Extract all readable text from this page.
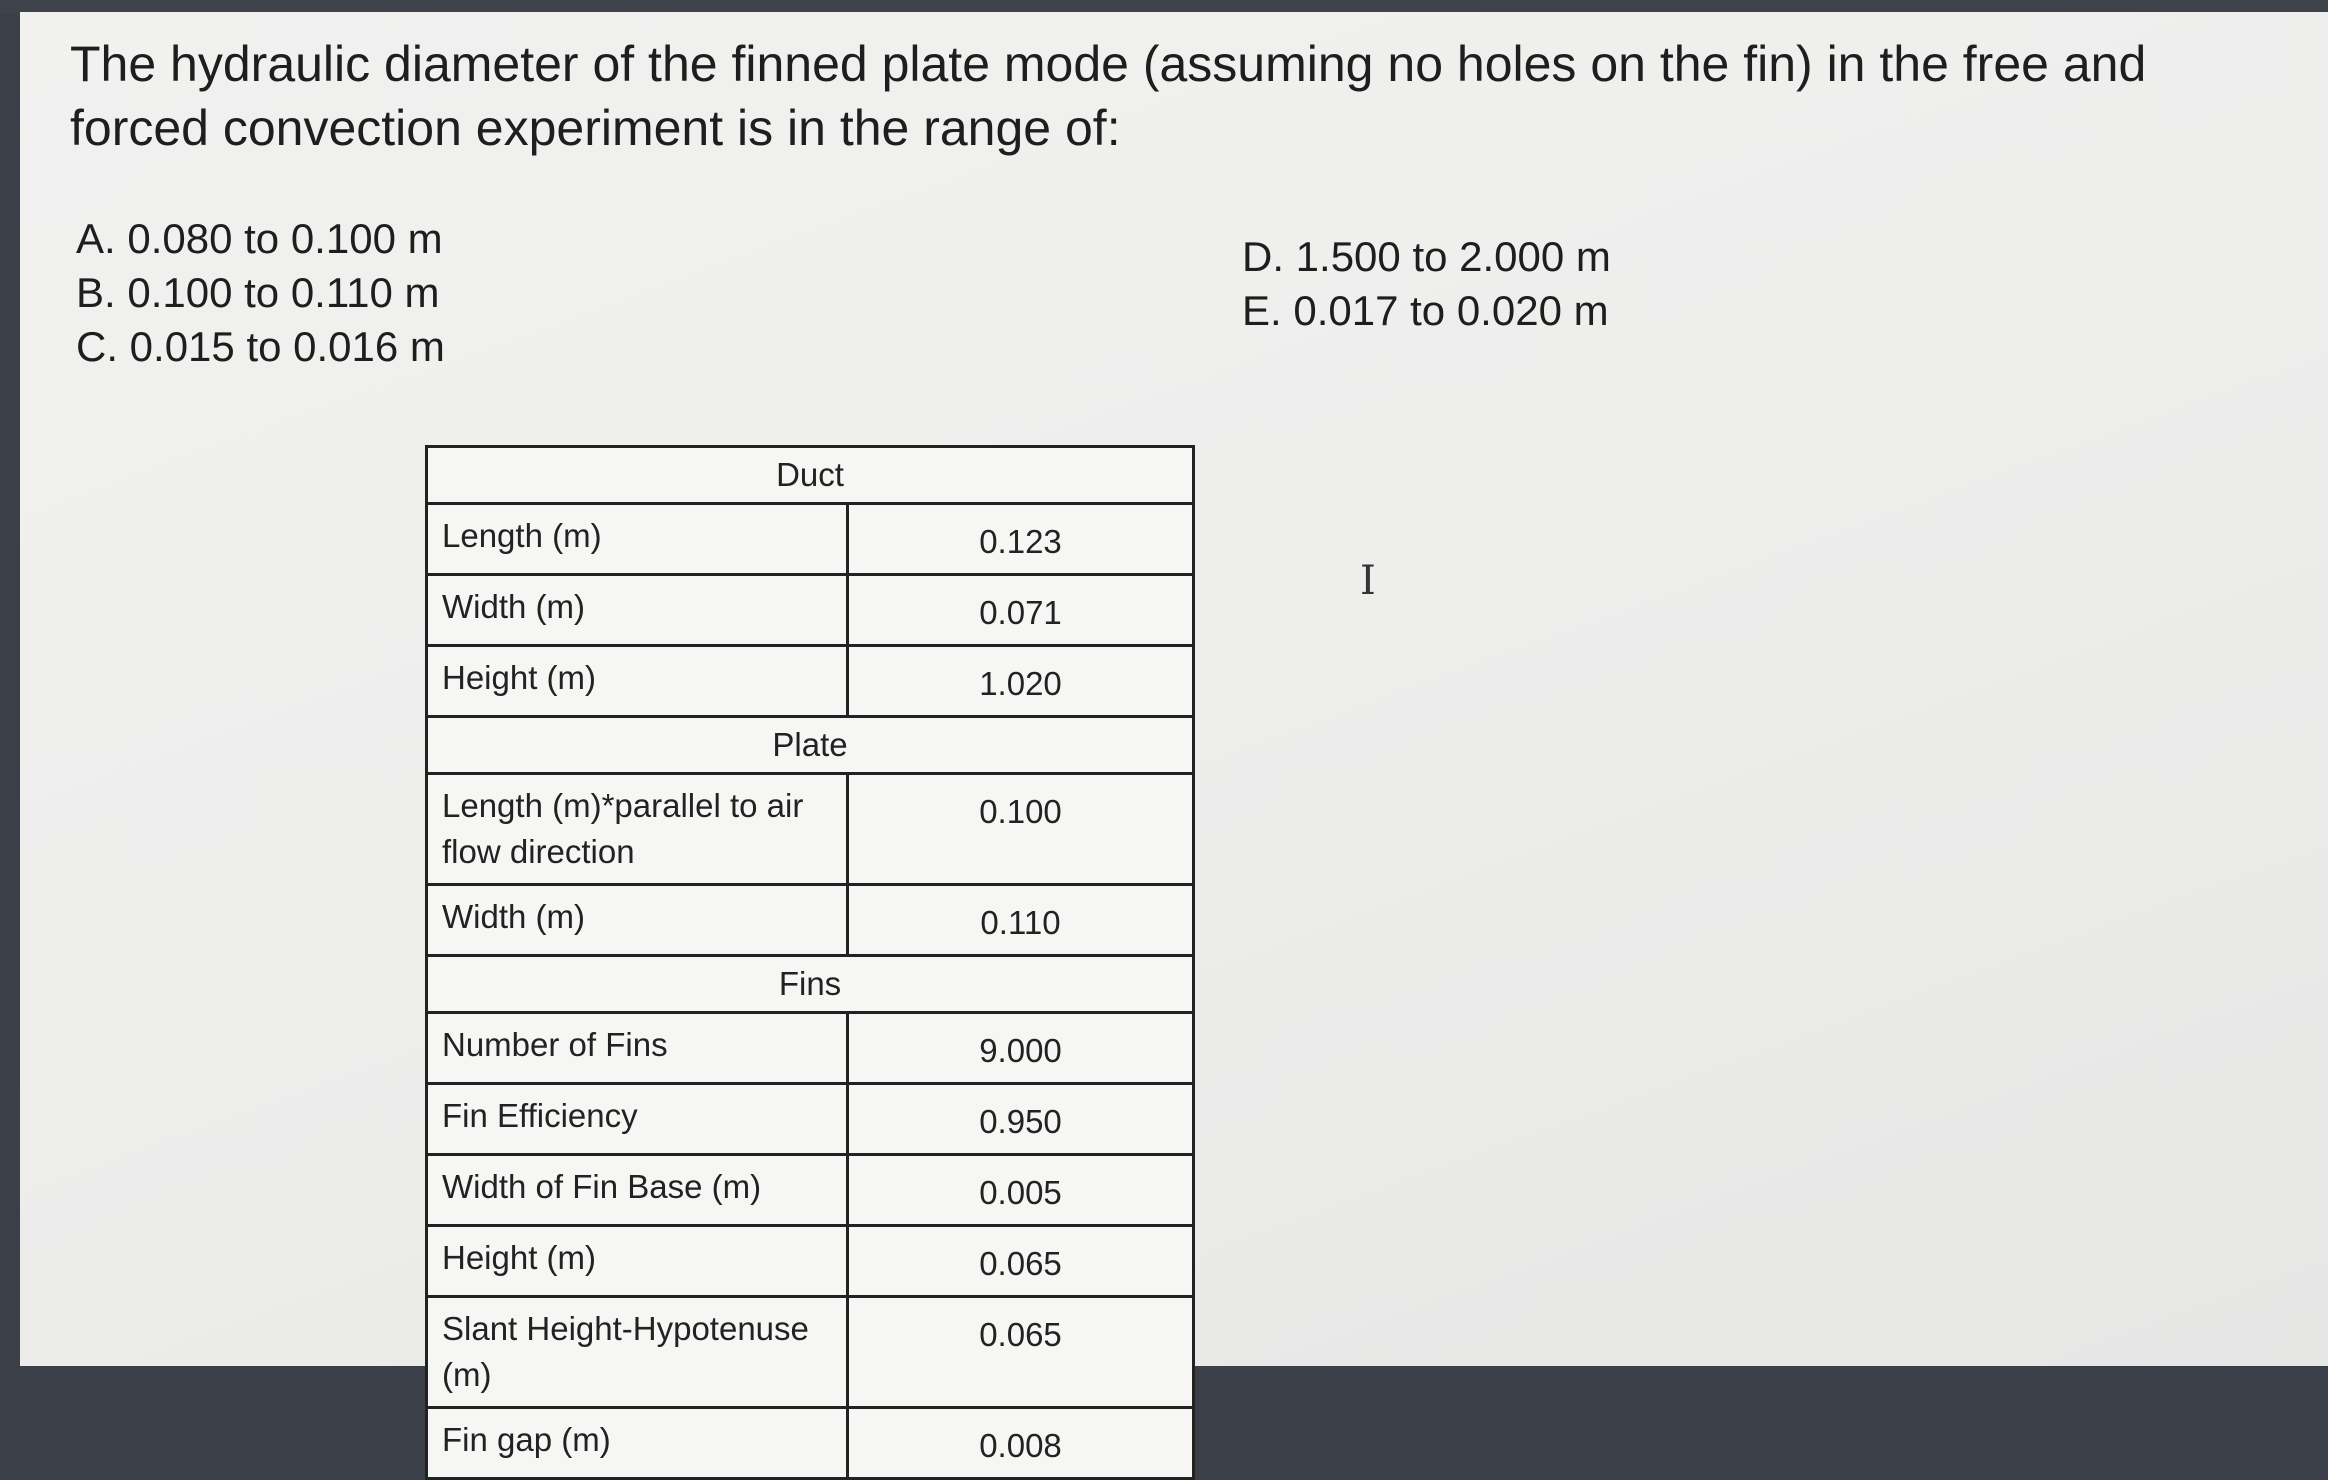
The hydraulic diameter of the finned plate mode (assuming no holes on the fin) in the free and forced convection experiment is in the range of:

A. 0.080 to 0.100 m
B. 0.100 to 0.110 m
C. 0.015 to 0.016 m
D. 1.500 to 2.000 m
E. 0.017 to 0.020 m
Duct	
Length (m)	0.123
Width (m)	0.071
Height (m)	1.020
Plate	
Length (m)*parallel to air flow direction	0.100
Width (m)	0.110
Fins	
Number of Fins	9.000
Fin Efficiency	0.950
Width of Fin Base (m)	0.005
Height (m)	0.065
Slant Height-Hypotenuse (m)	0.065
Fin gap (m)	0.008
Ι
